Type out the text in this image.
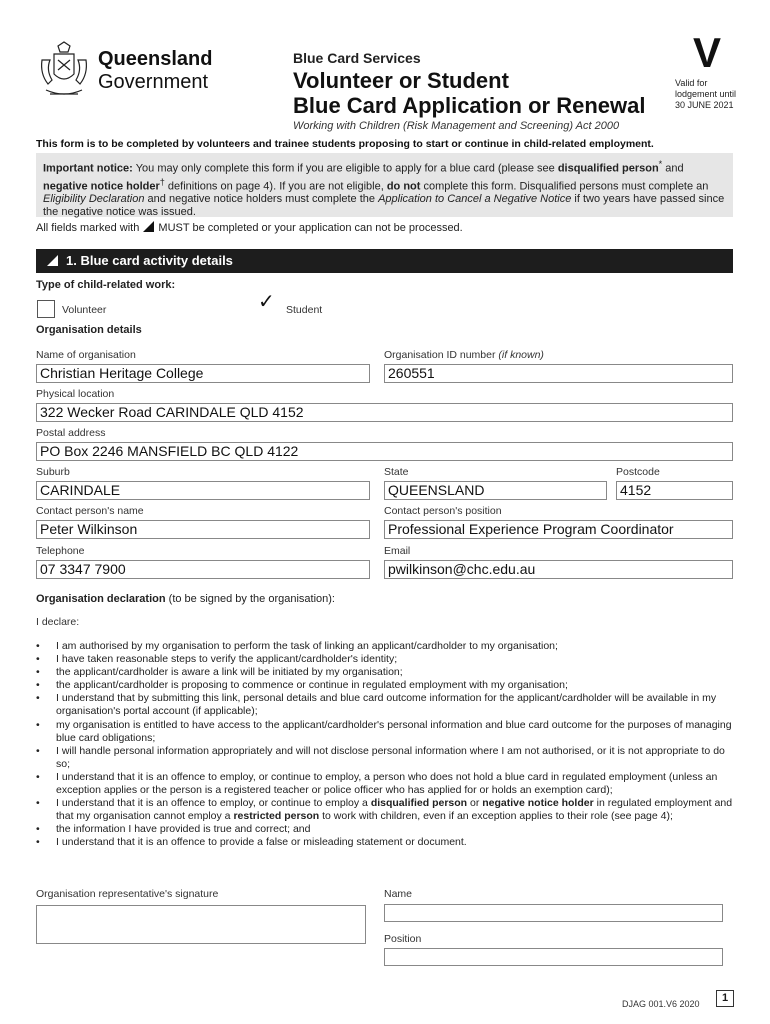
Queensland
Government
Blue Card Services
Volunteer or Student
Blue Card Application or Renewal
V
Valid for
lodgement until
30 JUNE 2021
Working with Children (Risk Management and Screening) Act 2000
This form is to be completed by volunteers and trainee students proposing to start or continue in child-related employment.
Important notice: You may only complete this form if you are eligible to apply for a blue card (please see disqualified person* and negative notice holder† definitions on page 4). If you are not eligible, do not complete this form. Disqualified persons must complete an Eligibility Declaration and negative notice holders must complete the Application to Cancel a Negative Notice if two years have passed since the negative notice was issued.
All fields marked with  MUST be completed or your application can not be processed.
1. Blue card activity details
Type of child-related work:
Volunteer	✓ Student
Organisation details
Name of organisation
Christian Heritage College
Organisation ID number (if known)
260551
Physical location
322 Wecker Road CARINDALE QLD 4152
Postal address
PO Box 2246 MANSFIELD BC QLD 4122
Suburb
CARINDALE
State
QUEENSLAND
Postcode
4152
Contact person's name
Peter Wilkinson
Contact person's position
Professional Experience Program Coordinator
Telephone
07 3347 7900
Email
pwilkinson@chc.edu.au
Organisation declaration (to be signed by the organisation):
I declare:
• I am authorised by my organisation to perform the task of linking an applicant/cardholder to my organisation;
• I have taken reasonable steps to verify the applicant/cardholder's identity;
• the applicant/cardholder is aware a link will be initiated by my organisation;
• the applicant/cardholder is proposing to commence or continue in regulated employment with my organisation;
• I understand that by submitting this link, personal details and blue card outcome information for the applicant/cardholder will be available in my organisation's portal account (if applicable);
• my organisation is entitled to have access to the applicant/cardholder's personal information and blue card outcome for the purposes of managing blue card obligations;
• I will handle personal information appropriately and will not disclose personal information where I am not authorised, or it is not appropriate to do so;
• I understand that it is an offence to employ, or continue to employ, a person who does not hold a blue card in regulated employment (unless an exception applies or the person is a registered teacher or police officer who has applied for or holds an exemption card);
• I understand that it is an offence to employ, or continue to employ a disqualified person or negative notice holder in regulated employment and that my organisation cannot employ a restricted person to work with children, even if an exception applies to their role (see page 4);
• the information I have provided is true and correct; and
• I understand that it is an offence to provide a false or misleading statement or document.
Organisation representative's signature	Name
Position
DJAG 001.V6 2020	1
